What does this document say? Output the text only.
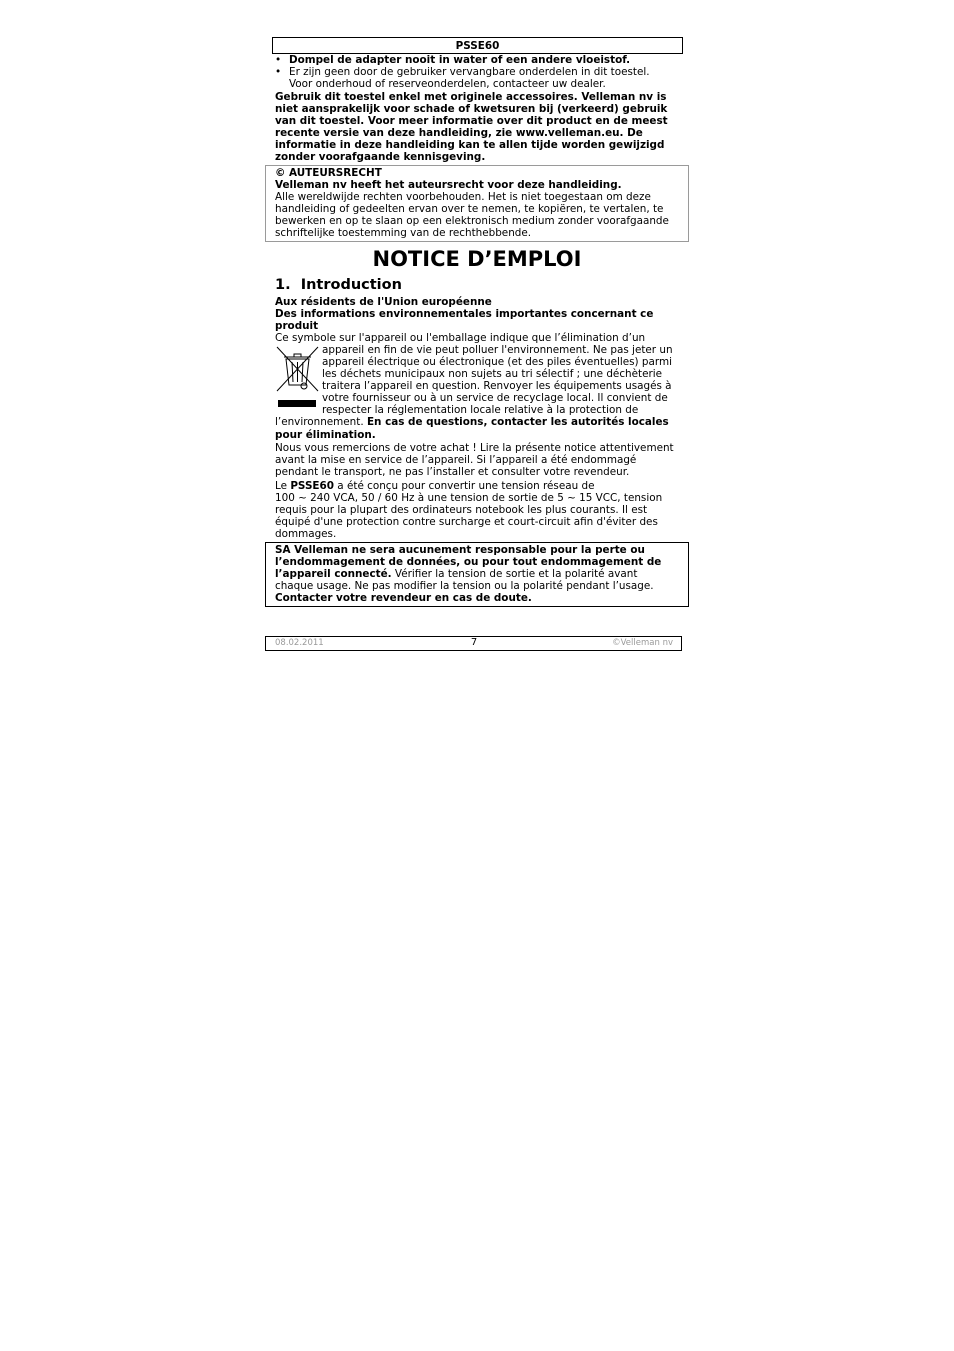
PSSE60
• Dompel de adapter nooit in water of een andere vloeistof.
• Er zijn geen door de gebruiker vervangbare onderdelen in dit toestel.
Voor onderhoud of reserveonderdelen, contacteer uw dealer.
Gebruik dit toestel enkel met originele accessoires. Velleman nv is
niet aansprakelijk voor schade of kwetsuren bij (verkeerd) gebruik
van dit toestel. Voor meer informatie over dit product en de meest
recente versie van deze handleiding, zie www.velleman.eu. De
informatie in deze handleiding kan te allen tijde worden gewijzigd
zonder voorafgaande kennisgeving.
© AUTEURSRECHT
Velleman nv heeft het auteursrecht voor deze handleiding.
Alle wereldwijde rechten voorbehouden. Het is niet toegestaan om deze
handleiding of gedeelten ervan over te nemen, te kopiëren, te vertalen, te
bewerken en op te slaan op een elektronisch medium zonder voorafgaande
schriftelijke toestemming van de rechthebbende.
NOTICE D’EMPLOI
1.  Introduction
Aux résidents de l'Union européenne
Des informations environnementales importantes concernant ce
produit
Ce symbole sur l'appareil ou l'emballage indique que l’élimination d’un
appareil en fin de vie peut polluer l'environnement. Ne pas jeter un
appareil électrique ou électronique (et des piles éventuelles) parmi
les déchets municipaux non sujets au tri sélectif ; une déchèterie
traitera l’appareil en question. Renvoyer les équipements usagés à
votre fournisseur ou à un service de recyclage local. Il convient de
respecter la réglementation locale relative à la protection de
l’environnement. En cas de questions, contacter les autorités locales
pour élimination.
Nous vous remercions de votre achat ! Lire la présente notice attentivement
avant la mise en service de l’appareil. Si l’appareil a été endommagé
pendant le transport, ne pas l’installer et consulter votre revendeur.
Le PSSE60 a été conçu pour convertir une tension réseau de
100 ~ 240 VCA, 50 / 60 Hz à une tension de sortie de 5 ~ 15 VCC, tension
requis pour la plupart des ordinateurs notebook les plus courants. Il est
équipé d'une protection contre surcharge et court-circuit afin d'éviter des
dommages.
SA Velleman ne sera aucunement responsable pour la perte ou
l’endommagement de données, ou pour tout endommagement de
l’appareil connecté. Vérifier la tension de sortie et la polarité avant
chaque usage. Ne pas modifier la tension ou la polarité pendant l’usage.
Contacter votre revendeur en cas de doute.
08.02.2011	7	©Velleman nv
